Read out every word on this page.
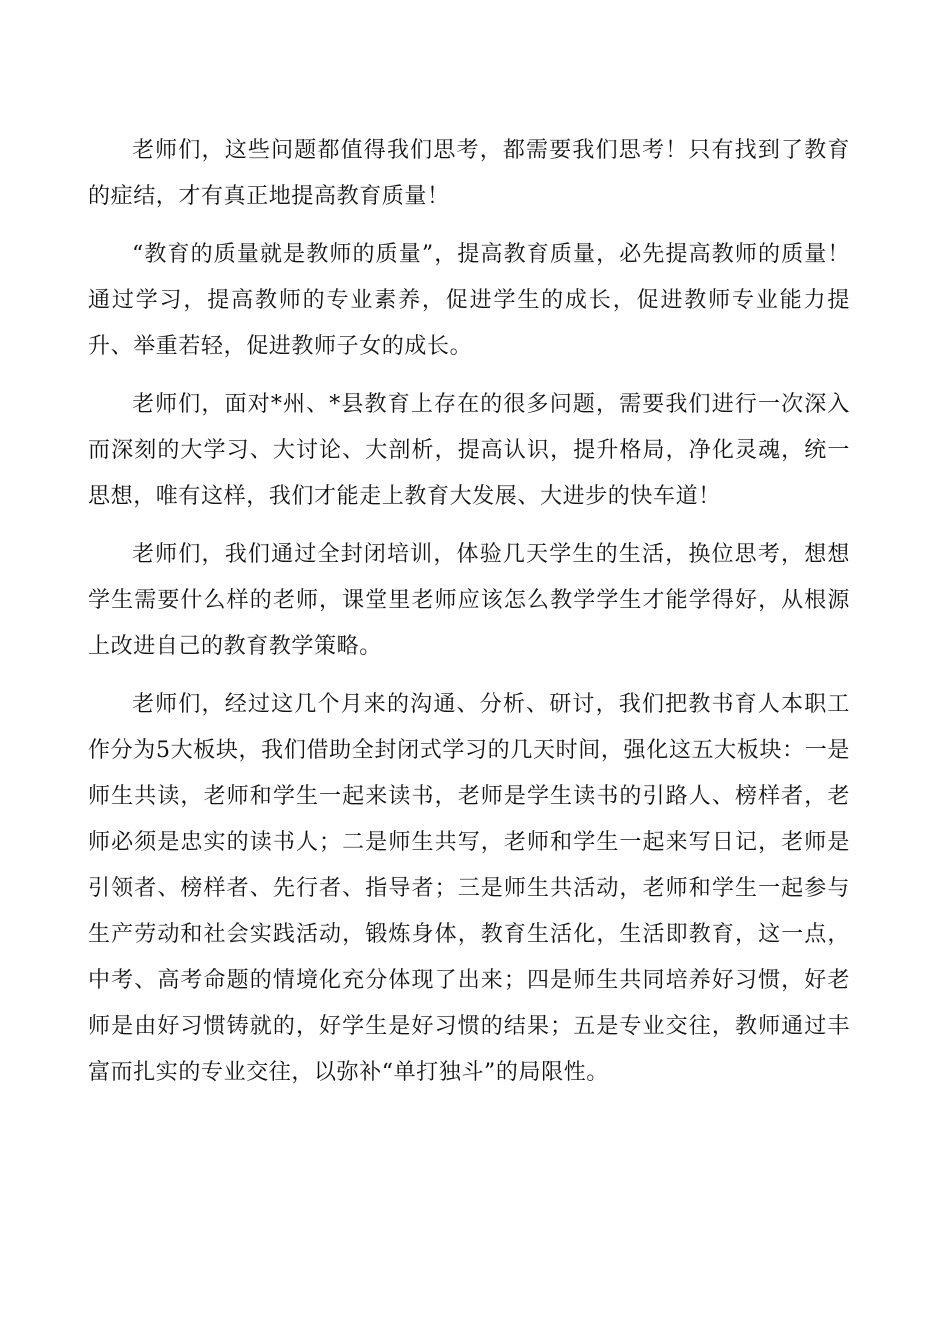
老师们，这些问题都值得我们思考，都需要我们思考！只有找到了教育的症结，才有真正地提高教育质量！

“教育的质量就是教师的质量”，提高教育质量，必先提高教师的质量！通过学习，提高教师的专业素养，促进学生的成长，促进教师专业能力提升、举重若轻，促进教师子女的成长。

老师们，面对*州、*县教育上存在的很多问题，需要我们进行一次深入而深刻的大学习、大讨论、大剖析，提高认识，提升格局，净化灵魂，统一思想，唯有这样，我们才能走上教育大发展、大进步的快车道！

老师们，我们通过全封闭培训，体验几天学生的生活，换位思考，想想学生需要什么样的老师，课堂里老师应该怎么教学学生才能学得好，从根源上改进自己的教育教学策略。

老师们，经过这几个月来的沟通、分析、研讨，我们把教书育人本职工作分为5大板块，我们借助全封闭式学习的几天时间，强化这五大板块：一是师生共读，老师和学生一起来读书，老师是学生读书的引路人、榜样者，老师必须是忠实的读书人；二是师生共写，老师和学生一起来写日记，老师是引领者、榜样者、先行者、指导者；三是师生共活动，老师和学生一起参与生产劳动和社会实践活动，锻炼身体，教育生活化，生活即教育，这一点，中考、高考命题的情境化充分体现了出来；四是师生共同培养好习惯，好老师是由好习惯铸就的，好学生是好习惯的结果；五是专业交往，教师通过丰富而扎实的专业交往，以弥补“单打独斗”的局限性。
